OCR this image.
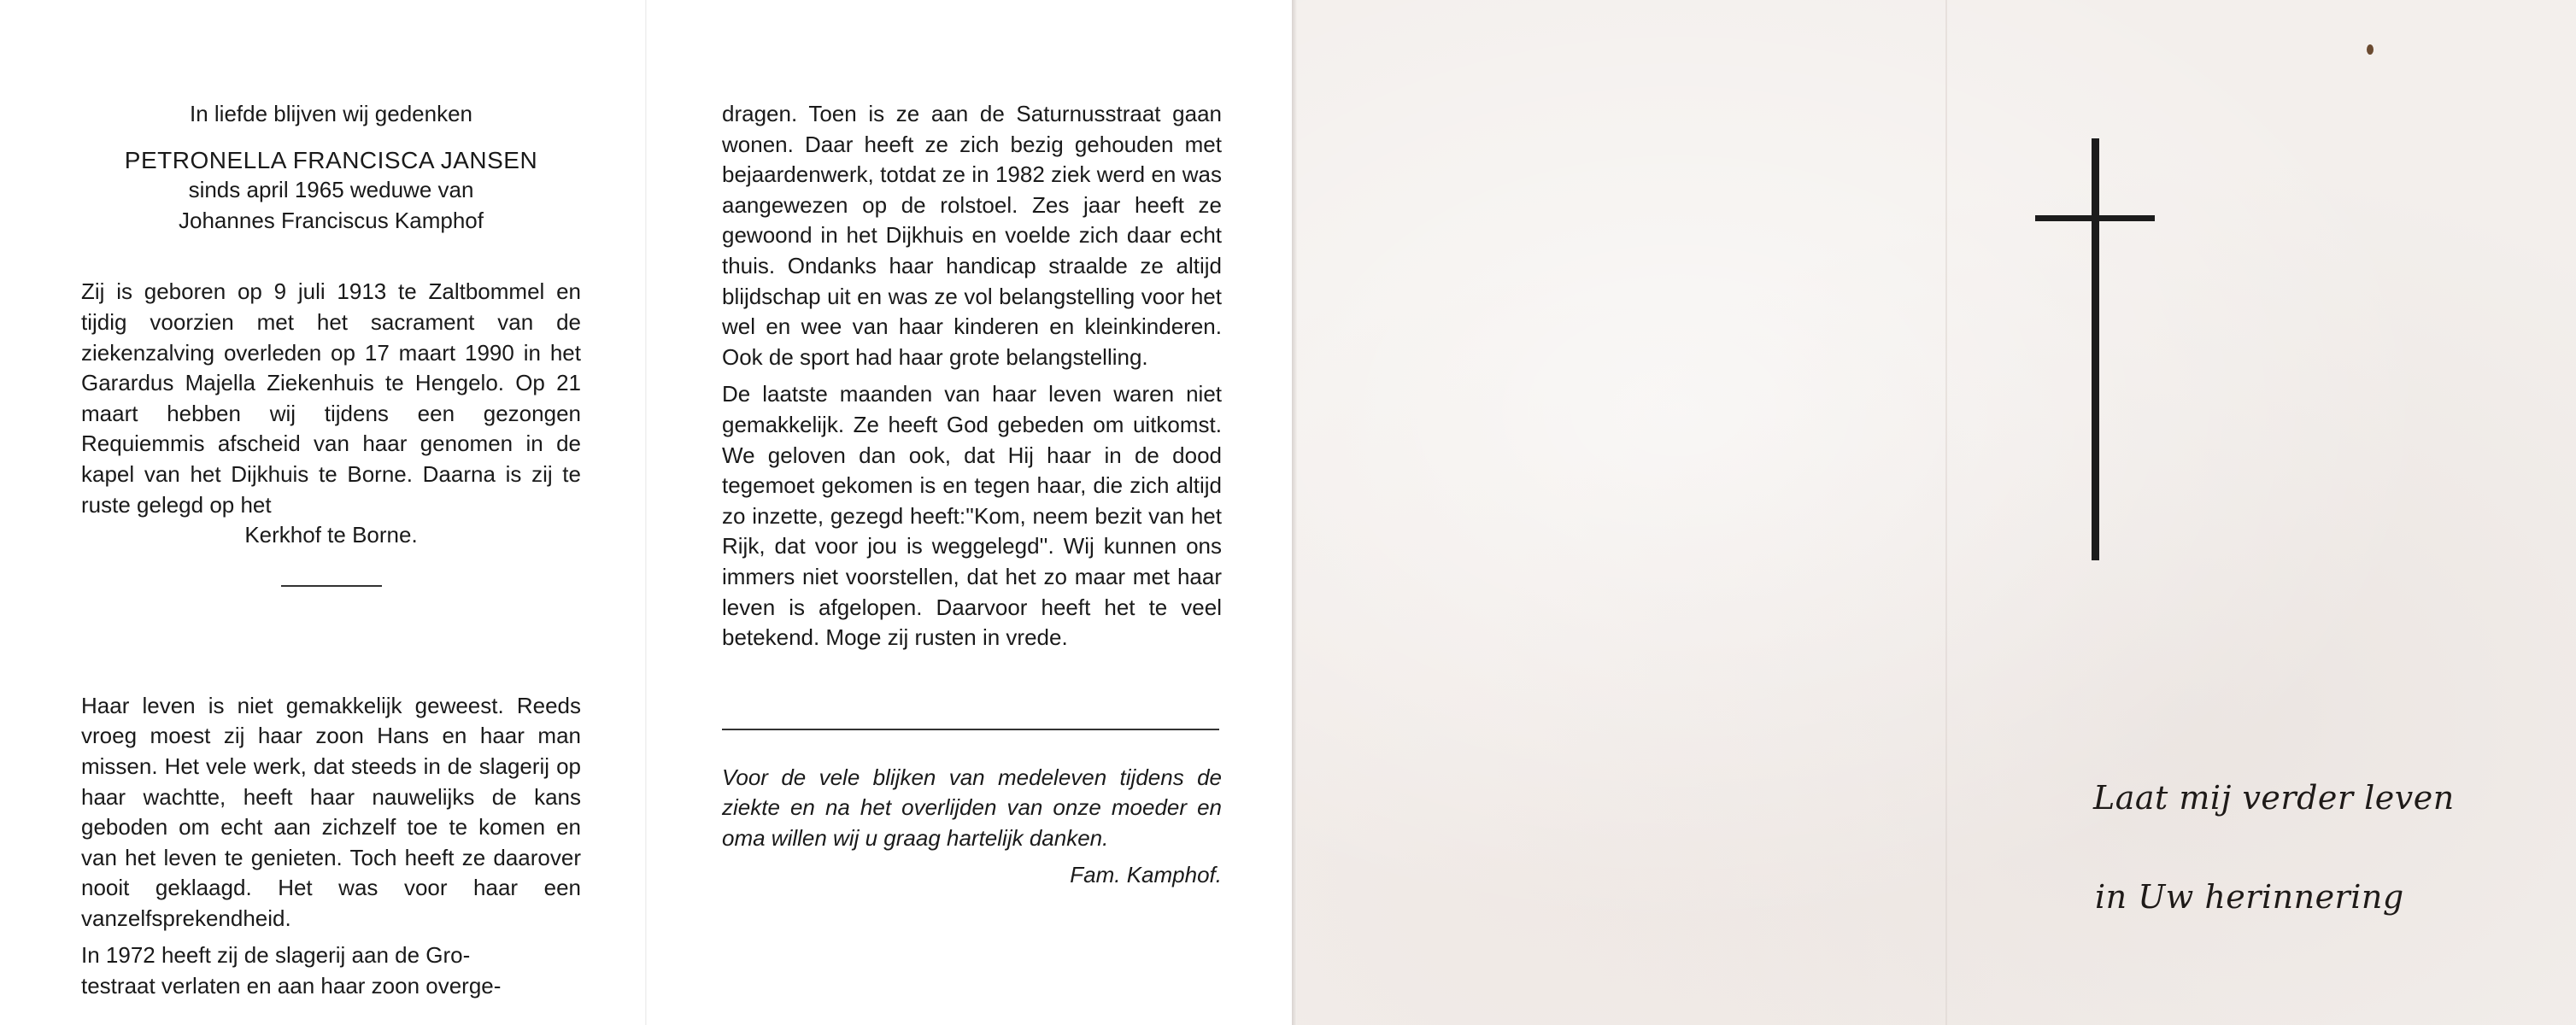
In liefde blijven wij gedenken

PETRONELLA FRANCISCA JANSEN

sinds april 1965 weduwe van

Johannes Franciscus Kamphof

Zij is geboren op 9 juli 1913 te Zaltbommel en tijdig voorzien met het sacrament van de ziekenzalving overleden op 17 maart 1990 in het Garardus Majella Ziekenhuis te Hengelo. Op 21 maart hebben wij tijdens een gezongen Requiemmis afscheid van haar genomen in de kapel van het Dijkhuis te Borne. Daarna is zij te ruste gelegd op het

Kerkhof te Borne.

Haar leven is niet gemakkelijk geweest. Reeds vroeg moest zij haar zoon Hans en haar man missen. Het vele werk, dat steeds in de slagerij op haar wachtte, heeft haar nauwelijks de kans geboden om echt aan zichzelf toe te komen en van het leven te genieten. Toch heeft ze daarover nooit geklaagd. Het was voor haar een vanzelfsprekendheid.

In 1972 heeft zij de slagerij aan de Gro-

testraat verlaten en aan haar zoon overge-

dragen. Toen is ze aan de Saturnusstraat gaan wonen. Daar heeft ze zich bezig gehouden met bejaardenwerk, totdat ze in 1982 ziek werd en was aangewezen op de rolstoel. Zes jaar heeft ze gewoond in het Dijkhuis en voelde zich daar echt thuis. Ondanks haar handicap straalde ze altijd blijdschap uit en was ze vol belangstelling voor het wel en wee van haar kinderen en kleinkinderen. Ook de sport had haar grote belangstelling.

De laatste maanden van haar leven waren niet gemakkelijk. Ze heeft God gebeden om uitkomst. We geloven dan ook, dat Hij haar in de dood tegemoet gekomen is en tegen haar, die zich altijd zo inzette, gezegd heeft:''Kom, neem bezit van het Rijk, dat voor jou is weggelegd''. Wij kunnen ons immers niet voorstellen, dat het zo maar met haar leven is afgelopen. Daarvoor heeft het te veel betekend. Moge zij rusten in vrede.

Voor de vele blijken van medeleven tijdens de ziekte en na het overlijden van onze moeder en oma willen wij u graag hartelijk danken.

Fam. Kamphof.

Laat mij verder leven
in Uw herinnering
